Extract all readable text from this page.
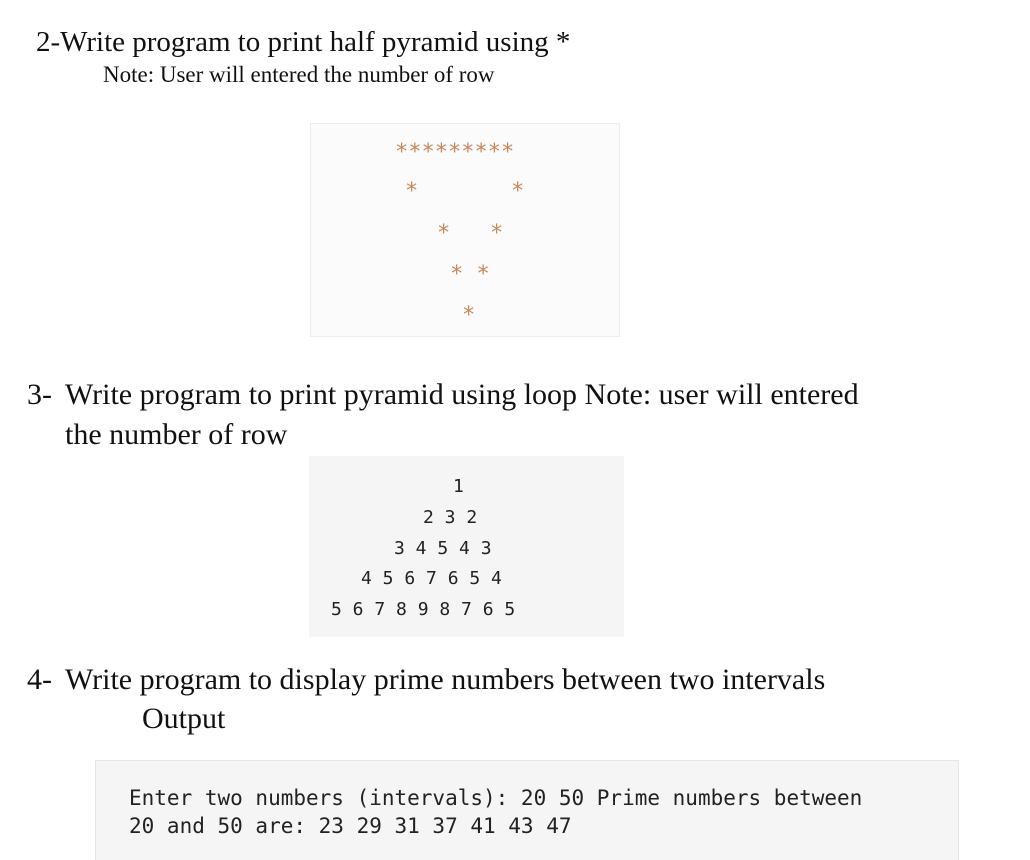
2-Write program to print half pyramid using *
Note: User will entered the number of row
*********
*       *
*   *
* *
*
3- Write program to print pyramid using loop Note: user will entered
the number of row
1
2 3 2
3 4 5 4 3
4 5 6 7 6 5 4
5 6 7 8 9 8 7 6 5
4- Write program to display prime numbers between two intervals
Output
Enter two numbers (intervals): 20 50 Prime numbers between
20 and 50 are: 23 29 31 37 41 43 47
